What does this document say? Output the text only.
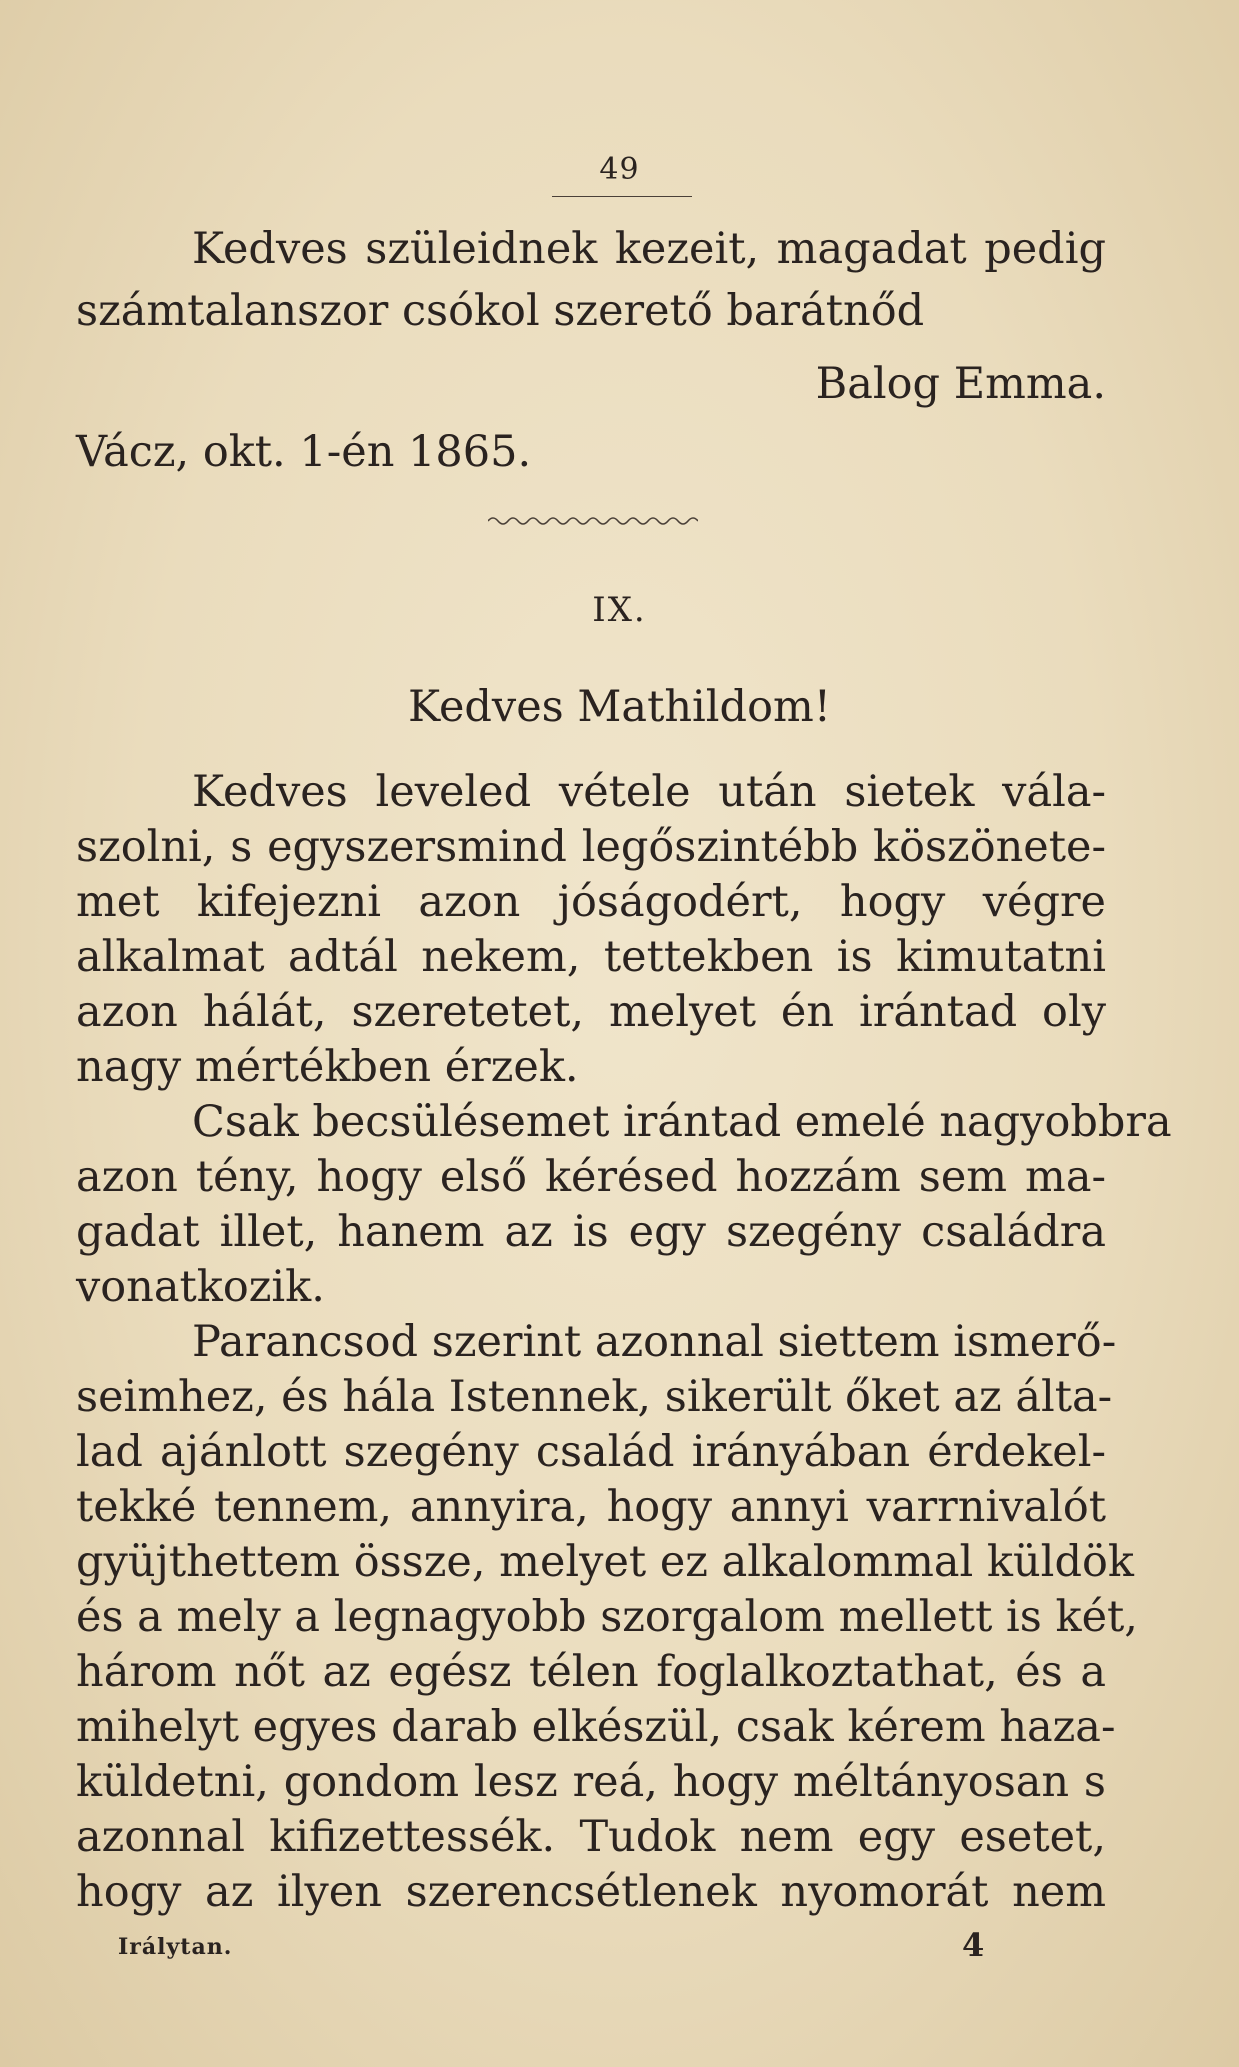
49
Kedves szüleidnek kezeit, magadat pedig
számtalanszor csókol szerető barátnőd
Balog Emma.
Vácz, okt. 1-én 1865.
IX.
Kedves Mathildom!
Kedves leveled vétele után sietek vála-
szolni, s egyszersmind legőszintébb köszönete-
met kifejezni azon jóságodért, hogy végre
alkalmat adtál nekem, tettekben is kimutatni
azon hálát, szeretetet, melyet én irántad oly
nagy mértékben érzek.
Csak becsülésemet irántad emelé nagyobbra
azon tény, hogy első kérésed hozzám sem ma-
gadat illet, hanem az is egy szegény családra
vonatkozik.
Parancsod szerint azonnal siettem ismerő-
seimhez, és hála Istennek, sikerült őket az álta-
lad ajánlott szegény család irányában érdekel-
tekké tennem, annyira, hogy annyi varrnivalót
gyüjthettem össze, melyet ez alkalommal küldök
és a mely a legnagyobb szorgalom mellett is két,
három nőt az egész télen foglalkoztathat, és a
mihelyt egyes darab elkészül, csak kérem haza-
küldetni, gondom lesz reá, hogy méltányosan s
azonnal kifizettessék. Tudok nem egy esetet,
hogy az ilyen szerencsétlenek nyomorát nem
Irálytan.	4
